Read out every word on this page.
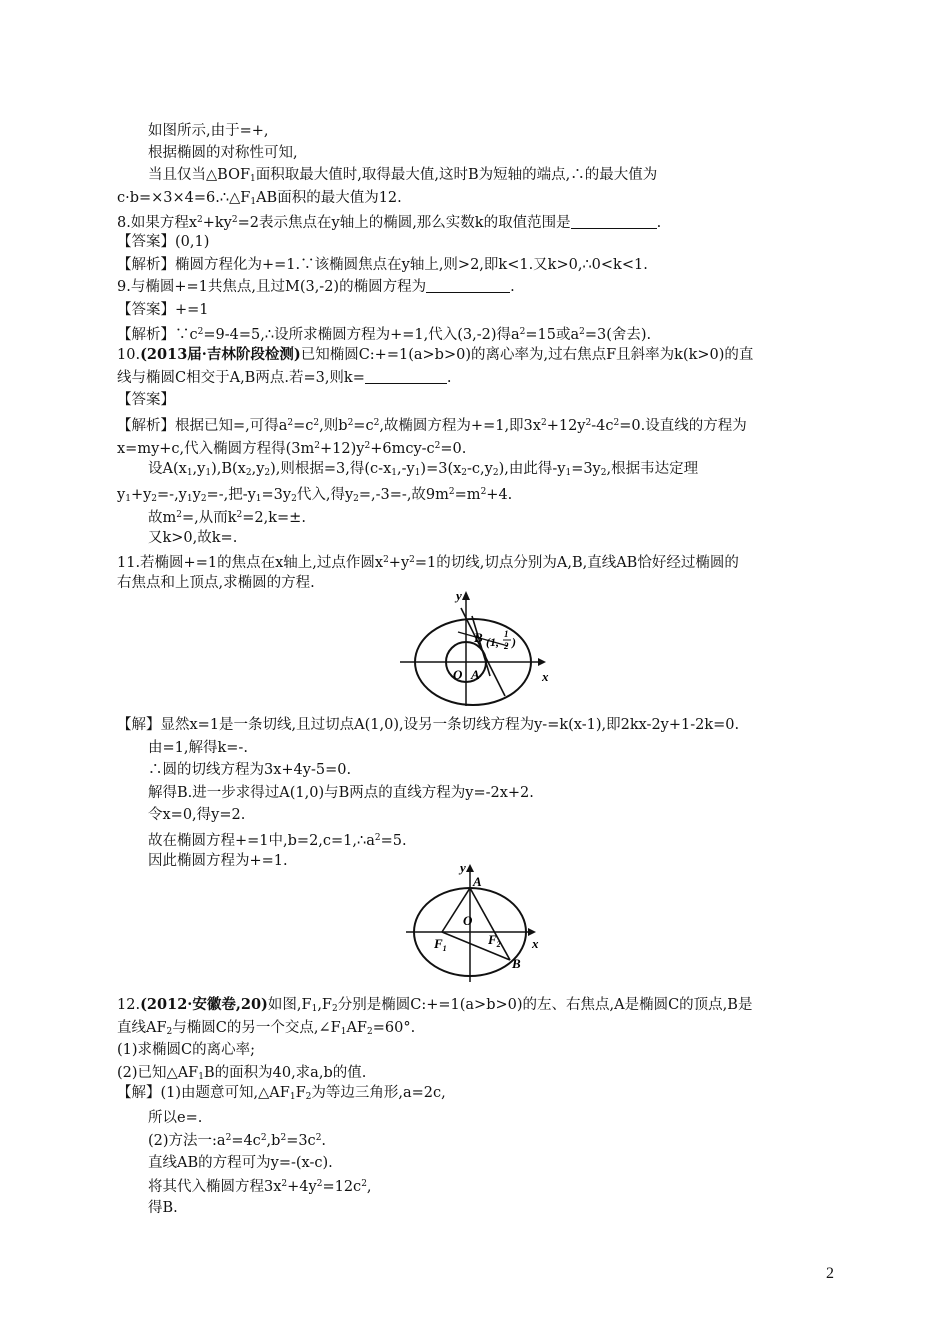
如图所示,由于=+,
根据椭圆的对称性可知,
当且仅当$\triangle BOF_1$面积取最大值时,取得最大值,这时B为短轴的端点,∴的最大值为
$c\cdot b=\times 3\times 4=6.\therefore\triangle F_1AB$面积的最大值为12.
8.如果方程$x^2+ky^2=2$表示焦点在y轴上的椭圆,那么实数k的取值范围是	.
【答案】(0,1)
【解析】椭圆方程化为+=1.∵该椭圆焦点在y轴上,则>2,即k<1.又k>0,∴0<k<1.
9.与椭圆+=1共焦点,且过M(3,-2)的椭圆方程为	.
【答案】+=1
【解析】$\because c^2=9-4=5,\therefore$设所求椭圆方程为+=1,代入(3,-2)得$a^2=15$或$a^2=3$(舍去).
10.(2013届·吉林阶段检测)已知椭圆C:+=1(a>b>0)的离心率为,过右焦点F且斜率为k(k>0)的直
线与椭圆C相交于A,B两点.若=3,则k=	.
【答案】
【解析】根据已知=,可得$a^2=c^2$,则$b^2=c^2$,故椭圆方程为+=1,即$3x^2+12y^2-4c^2=0$.设直线的方程为
x=my+c,代入椭圆方程得$(3m^2+12)y^2+6mcy-c^2=0$.
设$A(x_1,y_1),B(x_2,y_2)$,则根据=3,得$(c-x_1,-y_1)=3(x_2-c,y_2)$,由此得$-y_1=3y_2$,根据韦达定理
$y_1+y_2=-,y_1y_2=-$,把$-y_1=3y_2$代入,得$y_2=,-3=-$,故$9m^2=m^2+4$.
故$m^2=$,从而$k^2=2,k=\pm$.
又k>0,故k=.
11.若椭圆+=1的焦点在x轴上,过点作圆$x^2+y^2=1$的切线,切点分别为A,B,直线AB恰好经过椭圆的
右焦点和上顶点,求椭圆的方程.
x
y
O A
B (1,
1
2 )
【解】显然x=1是一条切线,且过切点A(1,0),设另一条切线方程为y-=k(x-1),即2kx-2y+1-2k=0.
由=1,解得k=-.
∴圆的切线方程为3x+4y-5=0.
解得B.进一步求得过A(1,0)与B两点的直线方程为y=-2x+2.
令x=0,得y=2.
故在椭圆方程+=1中$,b=2,c=1,\therefore a^2=5$.
因此椭圆方程为+=1.
x
y
A
O
$F_1$
$F_2$
B
12.(2012·安徽卷,20)如图$,F_1,F_2$分别是椭圆C:+=1(a>b>0)的左、右焦点,A是椭圆C的顶点,B是
直线$AF_2$与椭圆C的另一个交点$,\angle F_1AF_2=60^\circ$.
(1)求椭圆C的离心率;
(2)已知$\triangle AF_1B$的面积为40,求a,b的值.
【解】(1)由题意可知$,\triangle AF_1F_2$为等边三角形,a=2c,
所以e=.
(2)方法一$:a^2=4c^2,b^2=3c^2$.
直线AB的方程可为y=-(x-c).
将其代入椭圆方程$3x^2+4y^2=12c^2$,
得B.
2
